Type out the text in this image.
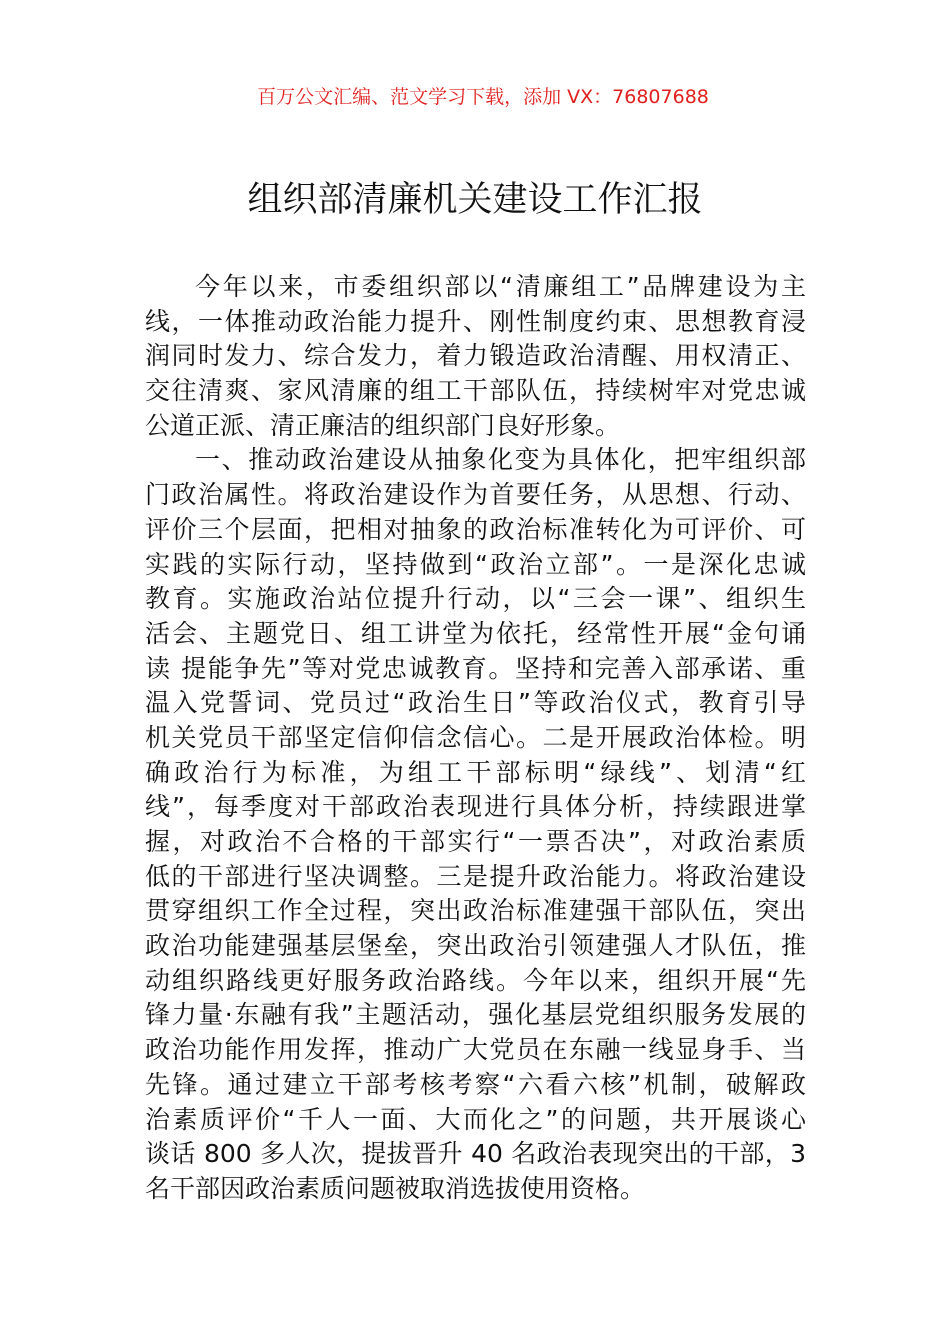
百万公文汇编、范文学习下载，添加 VX：76807688
组织部清廉机关建设工作汇报
今年以来，市委组织部以“清廉组工”品牌建设为主
线，一体推动政治能力提升、刚性制度约束、思想教育浸
润同时发力、综合发力，着力锻造政治清醒、用权清正、
交往清爽、家风清廉的组工干部队伍，持续树牢对党忠诚
公道正派、清正廉洁的组织部门良好形象。
一、推动政治建设从抽象化变为具体化，把牢组织部
门政治属性。将政治建设作为首要任务，从思想、行动、
评价三个层面，把相对抽象的政治标准转化为可评价、可
实践的实际行动，坚持做到“政治立部”。一是深化忠诚
教育。实施政治站位提升行动，以“三会一课”、组织生
活会、主题党日、组工讲堂为依托，经常性开展“金句诵
读 提能争先”等对党忠诚教育。坚持和完善入部承诺、重
温入党誓词、党员过“政治生日”等政治仪式，教育引导
机关党员干部坚定信仰信念信心。二是开展政治体检。明
确政治行为标准，为组工干部标明“绿线”、划清“红
线”，每季度对干部政治表现进行具体分析，持续跟进掌
握，对政治不合格的干部实行“一票否决”，对政治素质
低的干部进行坚决调整。三是提升政治能力。将政治建设
贯穿组织工作全过程，突出政治标准建强干部队伍，突出
政治功能建强基层堡垒，突出政治引领建强人才队伍，推
动组织路线更好服务政治路线。今年以来，组织开展“先
锋力量·东融有我”主题活动，强化基层党组织服务发展的
政治功能作用发挥，推动广大党员在东融一线显身手、当
先锋。通过建立干部考核考察“六看六核”机制，破解政
治素质评价“千人一面、大而化之”的问题，共开展谈心
谈话 800 多人次，提拔晋升 40 名政治表现突出的干部，3
名干部因政治素质问题被取消选拔使用资格。
